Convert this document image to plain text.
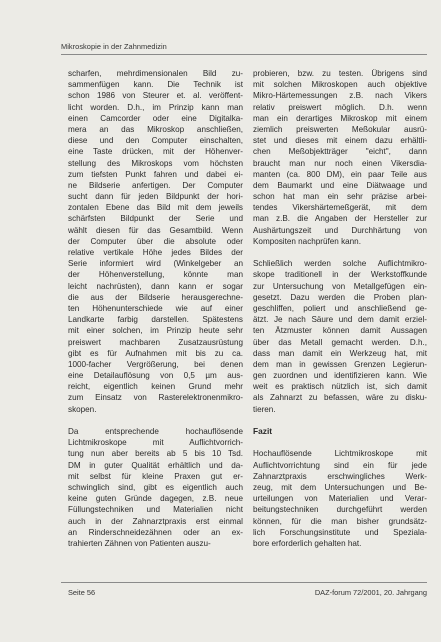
Mikroskopie in der Zahnmedizin
scharfen, mehrdimensionalen Bild zu-
sammenfügen kann. Die Technik ist
schon 1986 von Steurer et. al. veröffent-
licht worden. D.h., im Prinzip kann man
einen Camcorder oder eine Digitalka-
mera an das Mikroskop anschließen,
diese und den Computer einschalten,
eine Taste drücken, mit der Höhenver-
stellung des Mikroskops vom höchsten
zum tiefsten Punkt fahren und dabei ei-
ne Bildserie anfertigen. Der Computer
sucht dann für jeden Bildpunkt der hori-
zontalen Ebene das Bild mit dem jeweils
schärfsten Bildpunkt der Serie und
wählt diesen für das Gesamtbild. Wenn
der Computer über die absolute oder
relative vertikale Höhe jedes Bildes der
Serie informiert wird (Winkelgeber an
der Höhenverstellung, könnte man
leicht nachrüsten), dann kann er sogar
die aus der Bildserie herausgerechne-
ten Höhenunterschiede wie auf einer
Landkarte farbig darstellen. Spätestens
mit einer solchen, im Prinzip heute sehr
preiswert machbaren Zusatzausrüstung
gibt es für Aufnahmen mit bis zu ca.
1000-facher Vergrößerung, bei denen
eine Detailauflösung von 0,5 µm aus-
reicht, eigentlich keinen Grund mehr
zum Einsatz von Rasterelektronenmikro-
skopen.
Da entsprechende hochauflösende
Lichtmikroskope mit Auflichtvorrich-
tung nun aber bereits ab 5 bis 10 Tsd.
DM in guter Qualität erhältlich und da-
mit selbst für kleine Praxen gut er-
schwinglich sind, gibt es eigentlich auch
keine guten Gründe dagegen, z.B. neue
Füllungstechniken und Materialien nicht
auch in der Zahnarztpraxis erst einmal
an Rinderschneidezähnen oder an ex-
trahierten Zähnen von Patienten auszu-
probieren, bzw. zu testen. Übrigens sind
mit solchen Mikroskopen auch objektive
Mikro-Härtemessungen z.B. nach Vikers
relativ preiswert möglich. D.h. wenn
man ein derartiges Mikroskop mit einem
ziemlich preiswerten Meßokular ausrü-
stet und dieses mit einem dazu erhältli-
chen Meßobjektträger "eicht", dann
braucht man nur noch einen Vikersdia-
manten (ca. 800 DM), ein paar Teile aus
dem Baumarkt und eine Diätwaage und
schon hat man ein sehr präzise arbei-
tendes Vikershärtemeßgerät, mit dem
man z.B. die Angaben der Hersteller zur
Aushärtungszeit und Durchhärtung von
Kompositen nachprüfen kann.
Schließlich werden solche Auflichtmikro-
skope traditionell in der Werkstoffkunde
zur Untersuchung von Metallgefügen ein-
gesetzt. Dazu werden die Proben plan-
geschliffen, poliert und anschließend ge-
ätzt. Je nach Säure und dem damit erziel-
ten Ätzmuster können damit Aussagen
über das Metall gemacht werden. D.h.,
dass man damit ein Werkzeug hat, mit
dem man in gewissen Grenzen Legierun-
gen zuordnen und identifizieren kann. Wie
weit es praktisch nützlich ist, sich damit
als Zahnarzt zu befassen, wäre zu disku-
tieren.
Fazit
Hochauflösende Lichtmikroskope mit
Auflichtvorrichtung sind ein für jede
Zahnarztpraxis erschwingliches Werk-
zeug, mit dem Untersuchungen und Be-
urteilungen von Materialien und Verar-
beitungstechniken durchgeführt werden
können, für die man bisher grundsätz-
lich Forschungsinstitute und Speziala-
bore erforderlich gehalten hat.
Seite 56	DAZ-forum 72/2001, 20. Jahrgang
